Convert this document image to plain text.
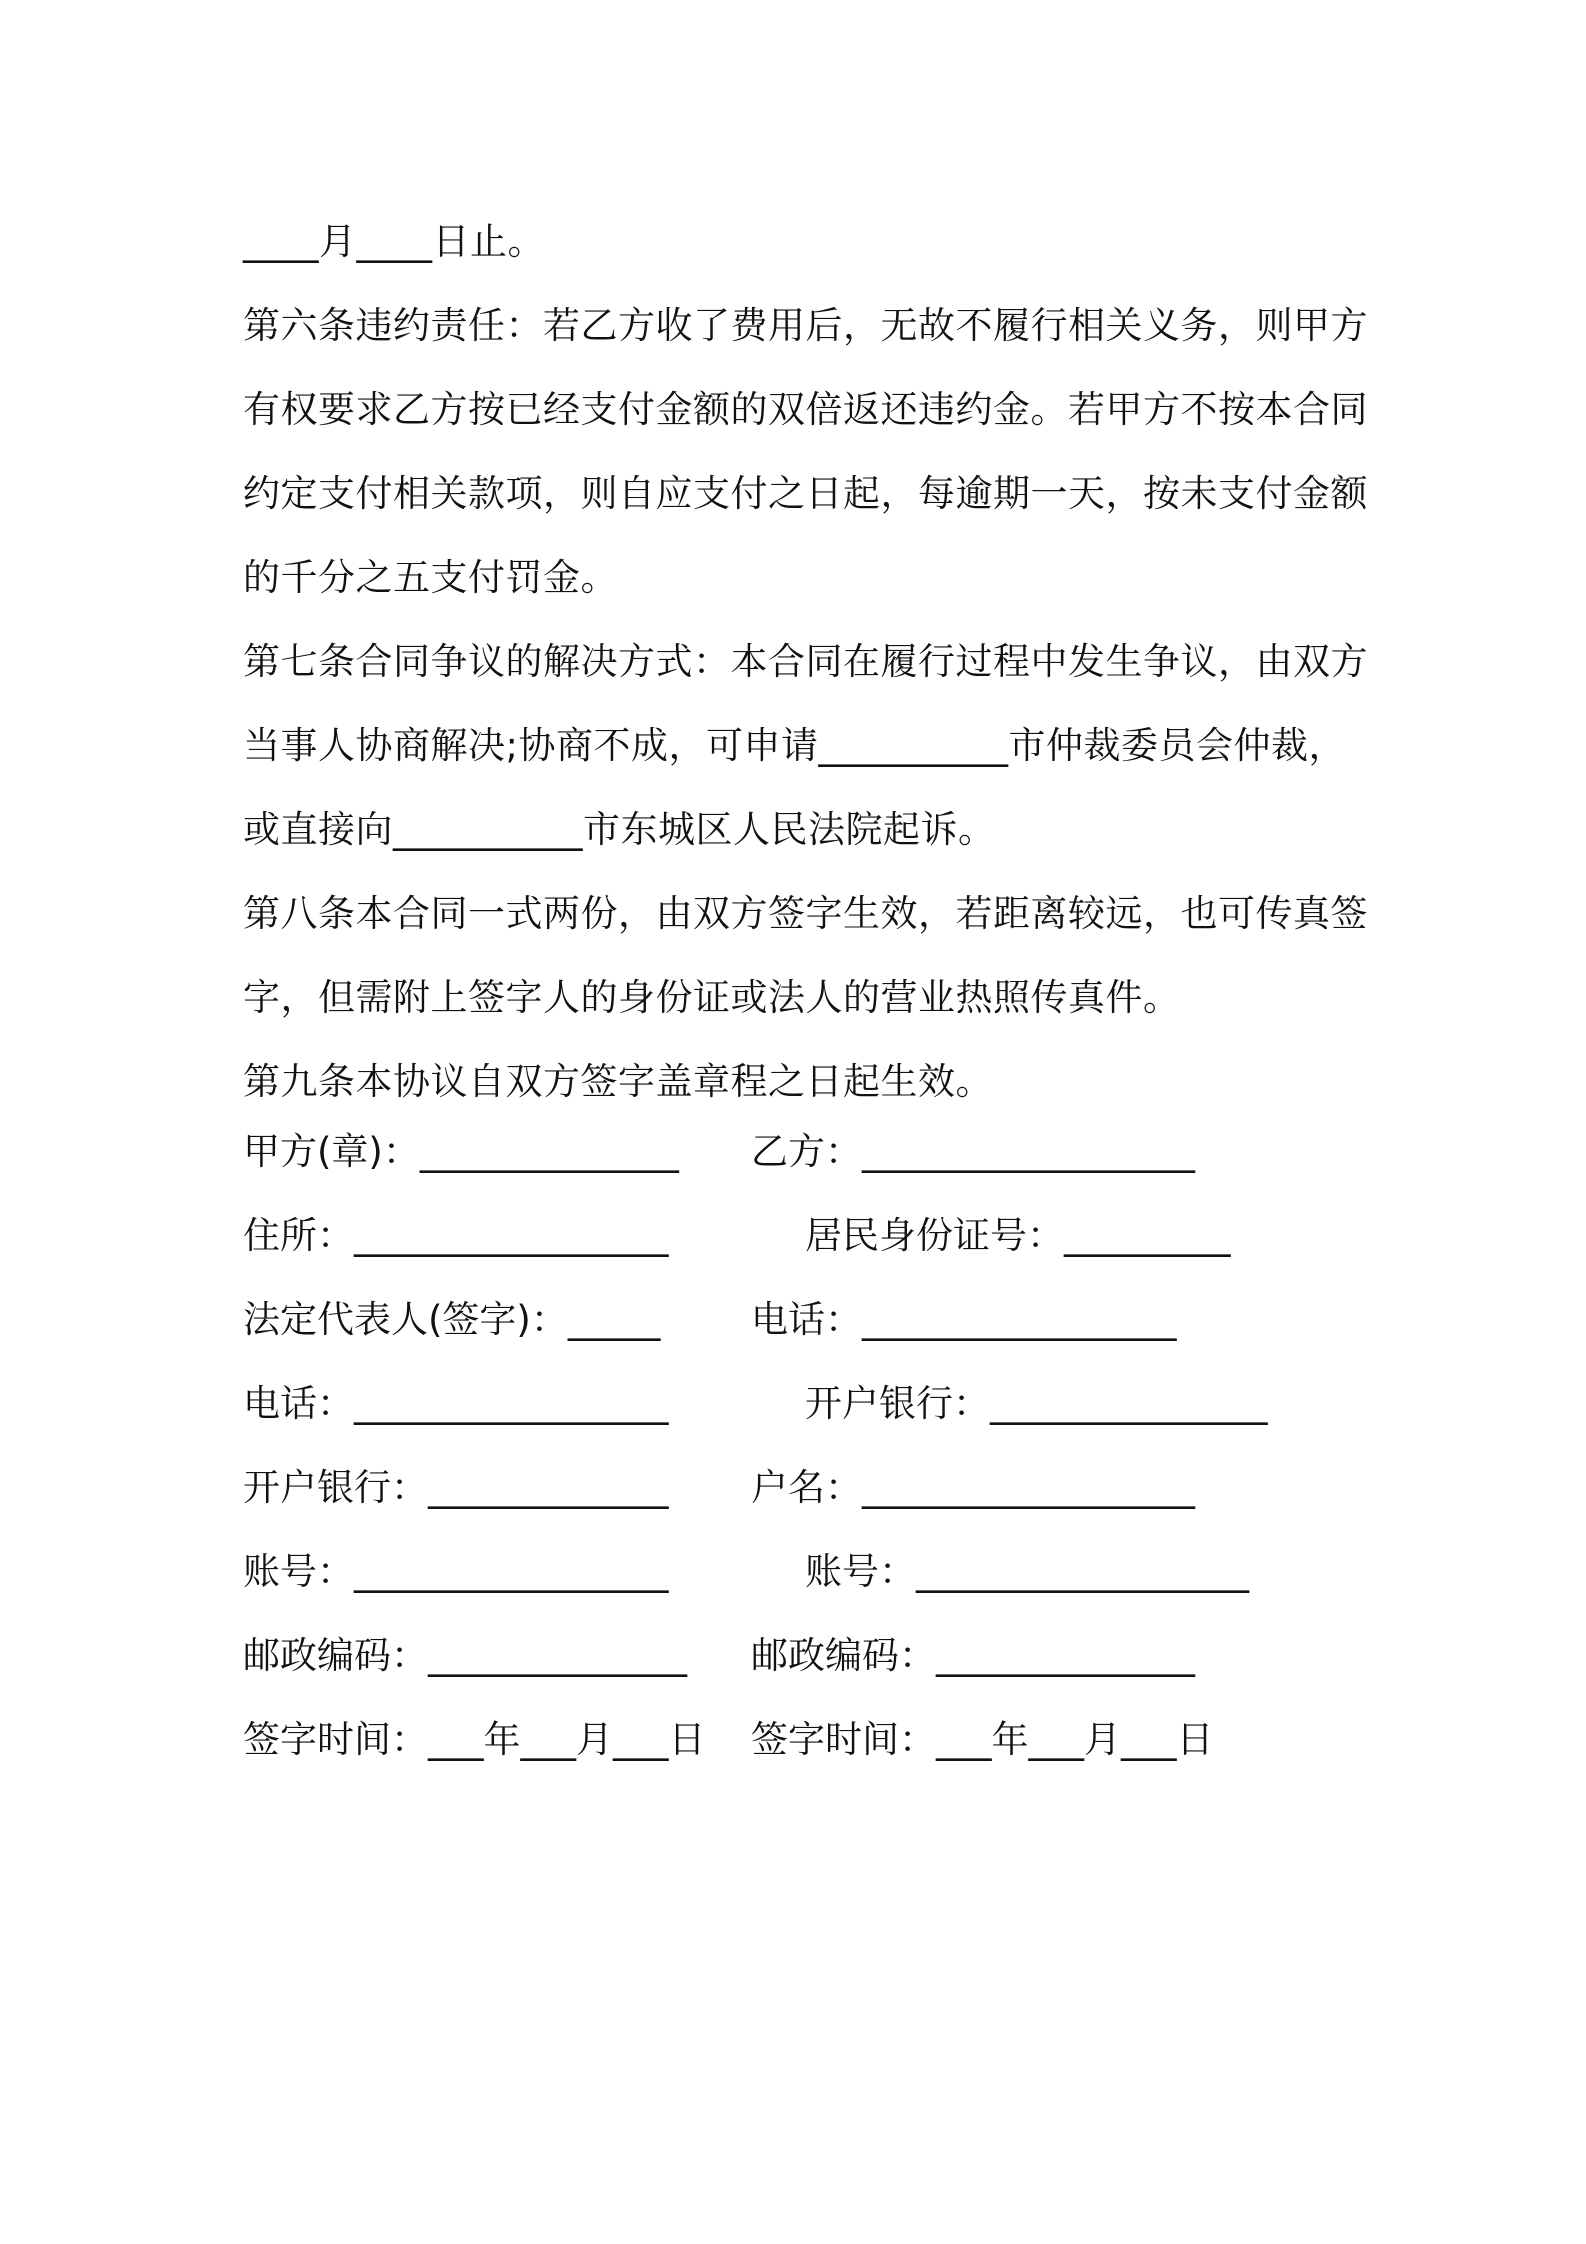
____月____日止。
第六条违约责任：若乙方收了费用后，无故不履行相关义务，则甲方
有权要求乙方按已经支付金额的双倍返还违约金。若甲方不按本合同
约定支付相关款项，则自应支付之日起，每逾期一天，按未支付金额
的千分之五支付罚金。
第七条合同争议的解决方式：本合同在履行过程中发生争议，由双方
当事人协商解决;协商不成，可申请__________市仲裁委员会仲裁，
或直接向__________市东城区人民法院起诉。
第八条本合同一式两份，由双方签字生效，若距离较远，也可传真签
字，但需附上签字人的身份证或法人的营业热照传真件。
第九条本协议自双方签字盖章程之日起生效。
甲方(章)：______________ 乙方：__________________
住所：_________________	居民身份证号：_________
法定代表人(签字)：_____ 电话：_________________
电话：_________________	开户银行：_______________
开户银行：_____________ 户名：__________________
账号：_________________	账号：__________________
邮政编码：______________ 邮政编码：______________
签字时间：___年___月___日 签字时间：___年___月___日
